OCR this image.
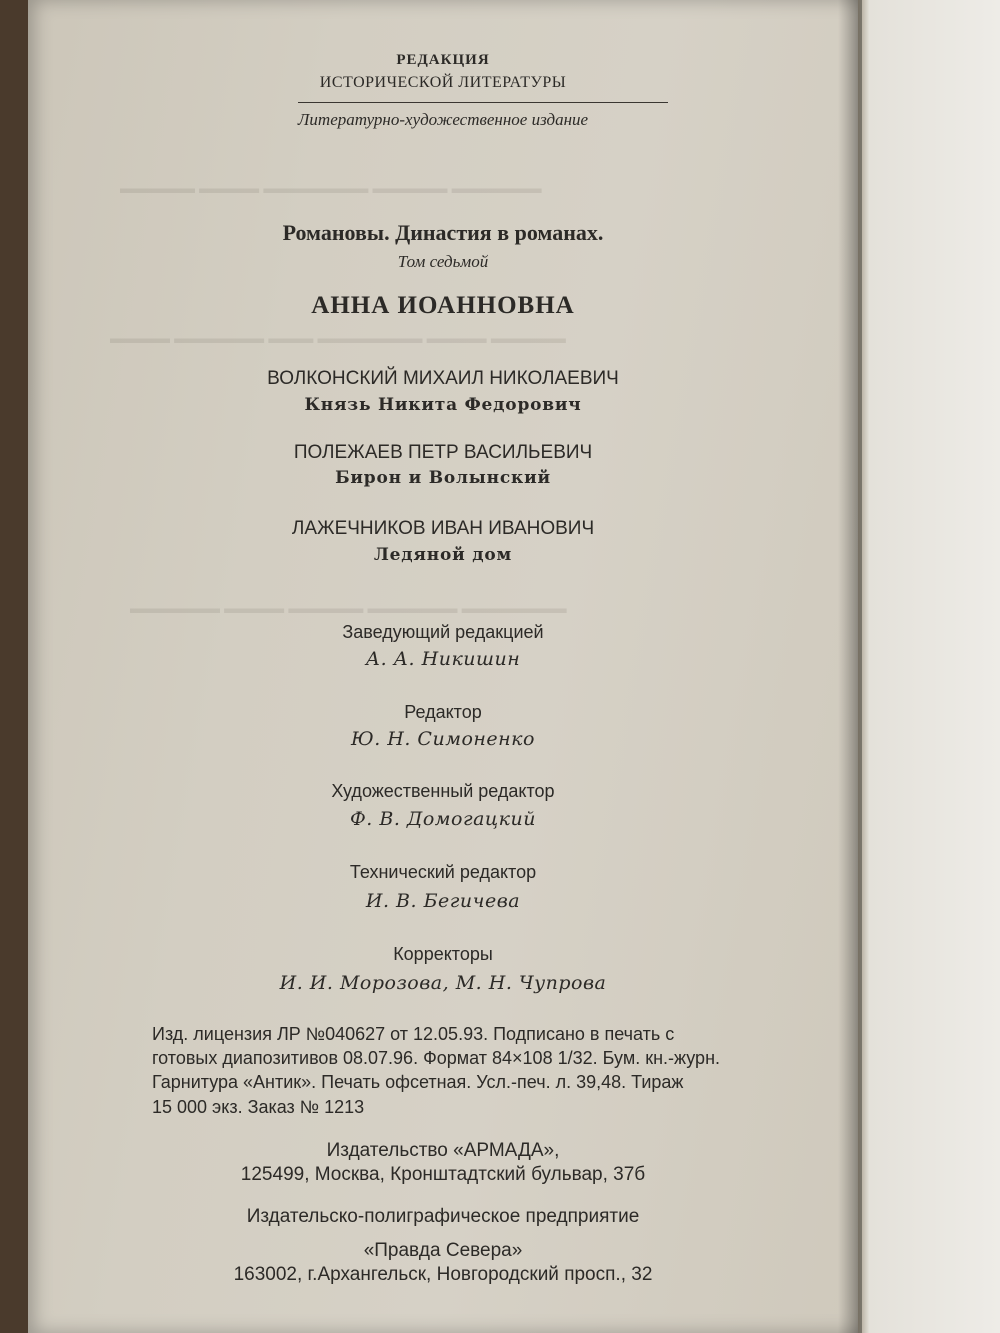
▬▬▬▬▬ ▬▬▬▬ ▬▬▬▬▬▬▬ ▬▬▬▬▬ ▬▬▬▬▬▬
▬▬▬▬ ▬▬▬▬▬▬ ▬▬▬ ▬▬▬▬▬▬▬ ▬▬▬▬ ▬▬▬▬▬
▬▬▬▬▬▬ ▬▬▬▬ ▬▬▬▬▬ ▬▬▬▬▬▬ ▬▬▬▬▬▬▬
РЕДАКЦИЯ
ИСТОРИЧЕСКОЙ ЛИТЕРАТУРЫ
Литературно-художественное издание
Романовы. Династия в романах.
Том седьмой
АННА ИОАННОВНА
ВОЛКОНСКИЙ МИХАИЛ НИКОЛАЕВИЧ
Князь Никита Федорович
ПОЛЕЖАЕВ ПЕТР ВАСИЛЬЕВИЧ
Бирон и Волынский
ЛАЖЕЧНИКОВ ИВАН ИВАНОВИЧ
Ледяной дом
Заведующий редакцией
А. А. Никишин
Редактор
Ю. Н. Симоненко
Художественный редактор
Ф. В. Домогацкий
Технический редактор
И. В. Бегичева
Корректоры
И. И. Морозова, М. Н. Чупрова
Изд. лицензия ЛР №040627 от 12.05.93. Подписано в печать с
готовых диапозитивов 08.07.96. Формат 84×108 1/32. Бум. кн.-журн.
Гарнитура «Антик». Печать офсетная. Усл.-печ. л. 39,48. Тираж
15 000 экз. Заказ № 1213
Издательство «АРМАДА»,
125499, Москва, Кронштадтский бульвар, 37б
Издательско-полиграфическое предприятие
«Правда Севера»
163002, г.Архангельск, Новгородский просп., 32
